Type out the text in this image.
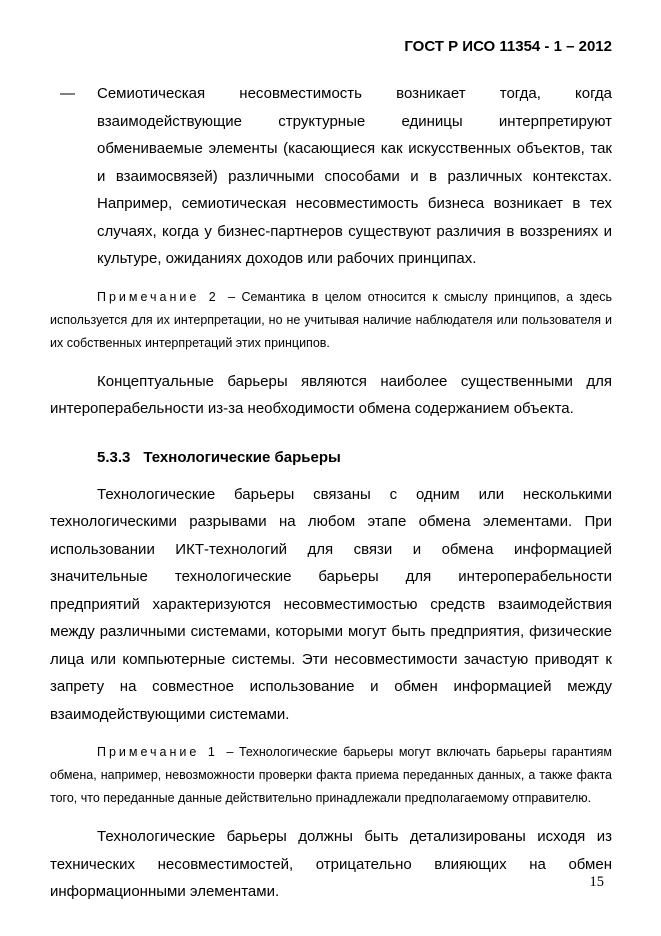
ГОСТ Р ИСО 11354 - 1 – 2012
— Семиотическая несовместимость возникает тогда, когда взаимодействующие структурные единицы интерпретируют обмениваемые элементы (касающиеся как искусственных объектов, так и взаимосвязей) различными способами и в различных контекстах. Например, семиотическая несовместимость бизнеса возникает в тех случаях, когда у бизнес-партнеров существуют различия в воззрениях и культуре, ожиданиях доходов или рабочих принципах.
Примечание 2 – Семантика в целом относится к смыслу принципов, а здесь используется для их интерпретации, но не учитывая наличие наблюдателя или пользователя и их собственных интерпретаций этих принципов.
Концептуальные барьеры являются наиболее существенными для интероперабельности из-за необходимости обмена содержанием объекта.
5.3.3 Технологические барьеры
Технологические барьеры связаны с одним или несколькими технологическими разрывами на любом этапе обмена элементами. При использовании ИКТ-технологий для связи и обмена информацией значительные технологические барьеры для интероперабельности предприятий характеризуются несовместимостью средств взаимодействия между различными системами, которыми могут быть предприятия, физические лица или компьютерные системы. Эти несовместимости зачастую приводят к запрету на совместное использование и обмен информацией между взаимодействующими системами.
Примечание 1 – Технологические барьеры могут включать барьеры гарантиям обмена, например, невозможности проверки факта приема переданных данных, а также факта того, что переданные данные действительно принадлежали предполагаемому отправителю.
Технологические барьеры должны быть детализированы исходя из технических несовместимостей, отрицательно влияющих на обмен информационными элементами.
15
